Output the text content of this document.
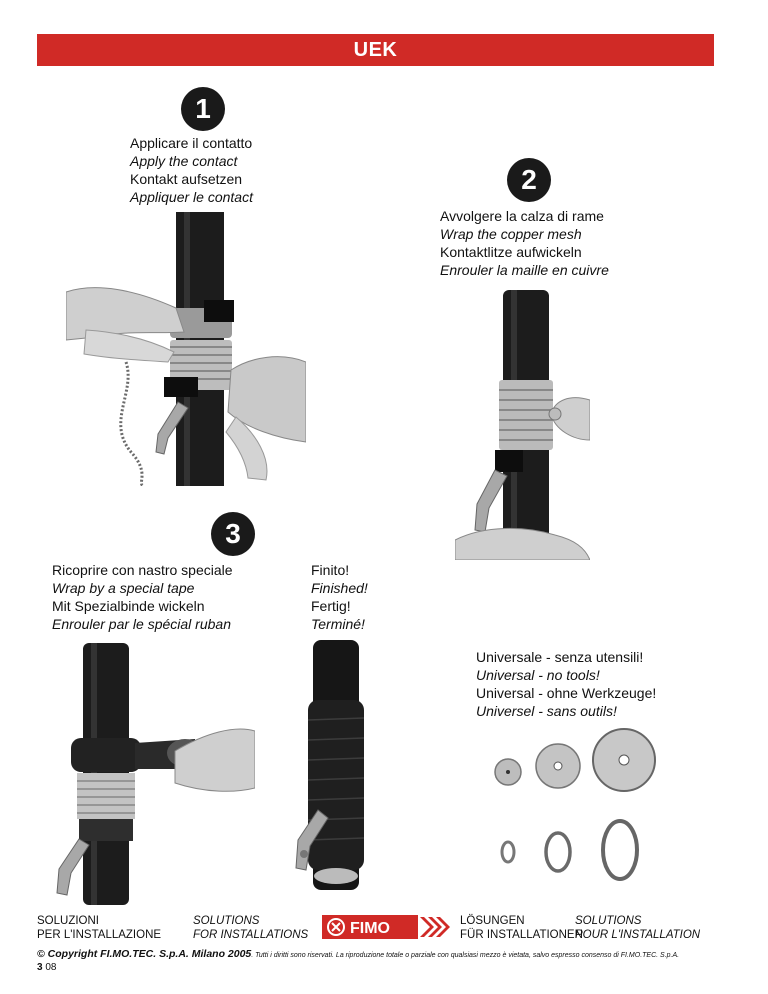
UEK
1
Applicare il contatto
Apply the contact
Kontakt aufsetzen
Appliquer le contact
2
Avvolgere la calza di rame
Wrap the copper mesh
Kontaktlitze aufwickeln
Enrouler la maille en cuivre
3
Ricoprire con nastro speciale
Wrap by a special tape
Mit Spezialbinde wickeln
Enrouler par le spécial ruban
Finito!
Finished!
Fertig!
Terminé!
Universale - senza utensili!
Universal - no tools!
Universal - ohne Werkzeuge!
Universel - sans outils!
SOLUZIONI
PER L'INSTALLAZIONE
SOLUTIONS
FOR INSTALLATIONS	FIMO	LÖSUNGEN
FÜR INSTALLATIONEN
SOLUTIONS
POUR L'INSTALLATION
© Copyright FI.MO.TEC. S.p.A. Milano 2005. Tutti i diritti sono riservati. La riproduzione totale o parziale con qualsiasi mezzo è vietata, salvo espresso consenso di FI.MO.TEC. S.p.A.
3 08
